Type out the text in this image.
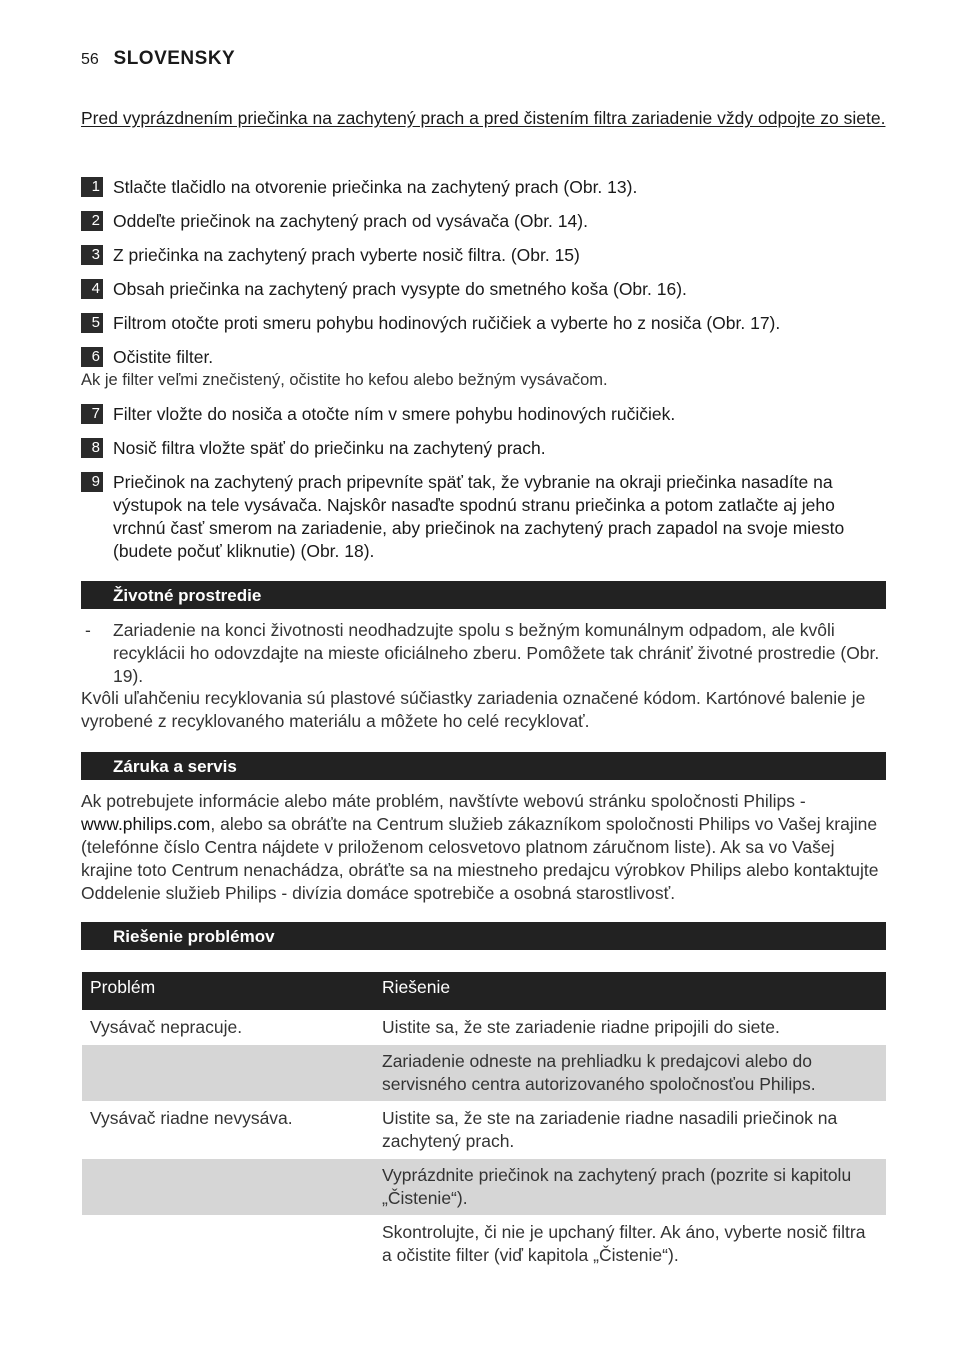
56 SLOVENSKY
Pred vyprázdnením priečinka na zachytený prach a pred čistením filtra zariadenie vždy odpojte zo siete.
1 Stlačte tlačidlo na otvorenie priečinka na zachytený prach (Obr. 13).
2 Oddeľte priečinok na zachytený prach od vysávača (Obr. 14).
3 Z priečinka na zachytený prach vyberte nosič filtra. (Obr. 15)
4 Obsah priečinka na zachytený prach vysypte do smetného koša (Obr. 16).
5 Filtrom otočte proti smeru pohybu hodinových ručičiek a vyberte ho z nosiča (Obr. 17).
6 Očistite filter.
Ak je filter veľmi znečistený, očistite ho kefou alebo bežným vysávačom.
7 Filter vložte do nosiča a otočte ním v smere pohybu hodinových ručičiek.
8 Nosič filtra vložte späť do priečinku na zachytený prach.
9 Priečinok na zachytený prach pripevníte späť tak, že vybranie na okraji priečinka nasadíte na výstupok na tele vysávača. Najskôr nasaďte spodnú stranu priečinka a potom zatlačte aj jeho vrchnú časť smerom na zariadenie, aby priečinok na zachytený prach zapadol na svoje miesto (budete počuť kliknutie) (Obr. 18).
Životné prostredie
- Zariadenie na konci životnosti neodhadzujte spolu s bežným komunálnym odpadom, ale kvôli recyklácii ho odovzdajte na mieste oficiálneho zberu. Pomôžete tak chrániť životné prostredie (Obr. 19).
Kvôli uľahčeniu recyklovania sú plastové súčiastky zariadenia označené kódom. Kartónové balenie je vyrobené z recyklovaného materiálu a môžete ho celé recyklovať.
Záruka a servis
Ak potrebujete informácie alebo máte problém, navštívte webovú stránku spoločnosti Philips - www.philips.com, alebo sa obráťte na Centrum služieb zákazníkom spoločnosti Philips vo Vašej krajine (telefónne číslo Centra nájdete v priloženom celosvetovo platnom záručnom liste). Ak sa vo Vašej krajine toto Centrum nenachádza, obráťte sa na miestneho predajcu výrobkov Philips alebo kontaktujte Oddelenie služieb Philips - divízia domáce spotrebiče a osobná starostlivosť.
Riešenie problémov
Problém	Riešenie
Vysávač nepracuje.	Uistite sa, že ste zariadenie riadne pripojili do siete.
	Zariadenie odneste na prehliadku k predajcovi alebo do servisného centra autorizovaného spoločnosťou Philips.
Vysávač riadne nevysáva.	Uistite sa, že ste na zariadenie riadne nasadili priečinok na zachytený prach.
	Vyprázdnite priečinok na zachytený prach (pozrite si kapitolu „Čistenie“).
	Skontrolujte, či nie je upchaný filter. Ak áno, vyberte nosič filtra a očistite filter (viď kapitola „Čistenie“).
